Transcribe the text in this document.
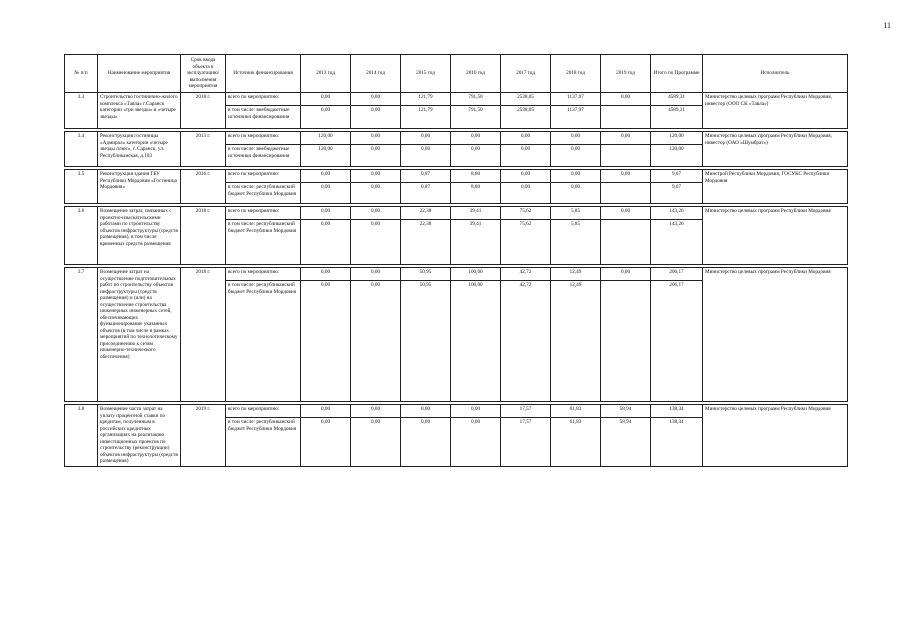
11
№ п/п	Наименование мероприятия	Срок ввода объекта в эксплуатацию/ выполнения мероприятия	Источник финансирования	2013 год	2014 год	2015 год	2016 год	2017 год	2018 год	2019 год	Итого по Программе	Исполнитель
3.3	Строительство гостинично-жилого комплекса «Тавла» г.Саранск категории «три звезды» и «четыре звезды»	2018 г.	всего по мероприятию:	0,00	0,00	121,79	791,50	2538,05	1137,97	0,00	4589,31	Министерство целевых программ Республики Мордовия, инвестор (ООО СК «Тавла»)
			в том числе: внебюджетные источники финансирования	0,00	0,00	121,79	791,50	2538,05	1137,97		4589,31	

3.4	Реконструкция гостиницы «Адмирал» категории «четыре звезды плюс», г. Саранск, ул. Республиканская, д.103	2013 г.	всего по мероприятию:	120,00	0,00	0,00	0,00	0,00	0,00	0,00	120,00	Министерство целевых программ Республики Мордовия, инвестор (ОАО «Шумбрат»)
			в том числе: внебюджетные источники финансирования	120,00	0,00	0,00	0,00	0,00	0,00		120,00	

3.5	Реконструкция здания ГБУ Республики Мордовия «Гостиница Мордовия»	2016 г.	всего по мероприятию:	0,00	0,00	0,87	8,80	0,00	0,00	0,00	9,67	Минстрой Республики Мордовия, ГОСУКС Республики Мордовия
			в том числе: республиканский бюджет Республики Мордовия	0,00	0,00	0,87	8,80	0,00	0,00		9,67	

3.6	Возмещение затрат, связанных с проектно-изыскательскими работами по строительству объектов инфраструктуры (средств размещения), в том числе временных средств размещения	2018 г.	всего по мероприятию:	0,00	0,00	22,38	39,41	75,62	5,85	0,00	143,26	Министерство целевых программ Республики Мордовия
			в том числе: республиканский бюджет Республики Мордовия	0,00	0,00	22,38	39,41	75,62	5,85		143,26	

3.7	Возмещение затрат на осуществление подготовительных работ по строительству объектов инфраструктуры (средств размещения) и (или) на осуществление строительства инженерных инженерных сетей, обеспечивающих функционирование указанных объектов (в том числе в рамках мероприятий по технологическому присоединению к сетям инженерно-технического обеспечения)	2018 г.	всего по мероприятию:	0,00	0,00	50,95	100,00	42,72	12,49	0,00	206,17	Министерство целевых программ Республики Мордовия
			в том числе: республиканский бюджет Республики Мордовия	0,00	0,00	50,95	100,00	42,72	12,49		206,17	

3.8	Возмещение части затрат на уплату процентной ставки по кредитам, полученным в российских кредитных организациях на реализацию инвестиционных проектов по строительству (реконструкции) объектов инфраструктуры (средств размещения)	2019 г.	всего по мероприятию:	0,00	0,00	0,00	0,00	17,57	61,83	58,94	138,34	Министерство целевых программ Республики Мордовия
			в том числе: республиканский бюджет Республики Мордовия	0,00	0,00	0,00	0,00	17,57	61,83	58,94	138,34	
